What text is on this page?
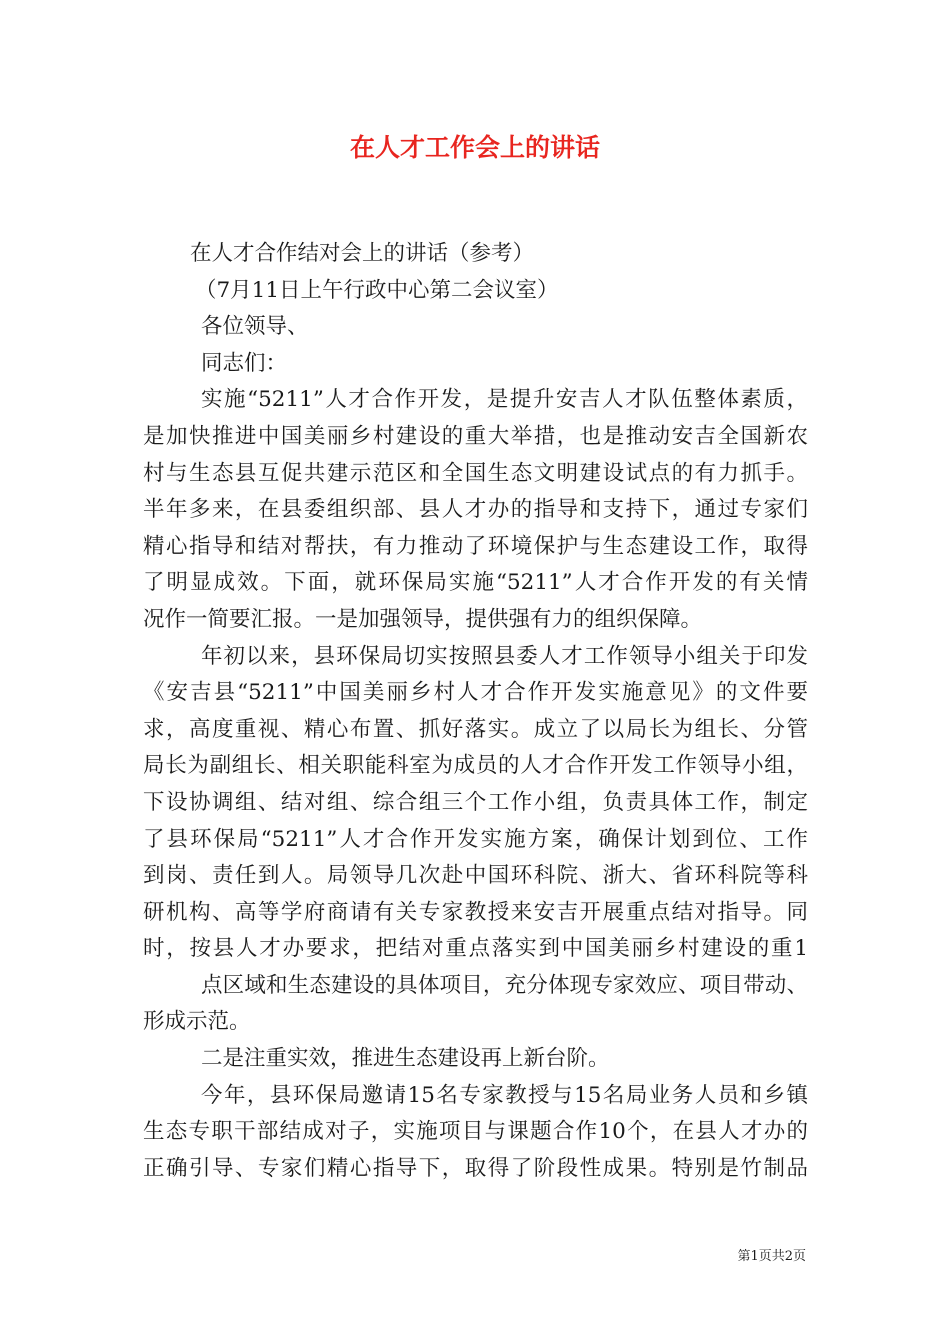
在人才工作会上的讲话
在人才合作结对会上的讲话（参考）
（7月11日上午行政中心第二会议室）
各位领导、
同志们：
实施“5211”人才合作开发，是提升安吉人才队伍整体素质，
是加快推进中国美丽乡村建设的重大举措，也是推动安吉全国新农
村与生态县互促共建示范区和全国生态文明建设试点的有力抓手。
半年多来，在县委组织部、县人才办的指导和支持下，通过专家们
精心指导和结对帮扶，有力推动了环境保护与生态建设工作，取得
了明显成效。下面，就环保局实施“5211”人才合作开发的有关情
况作一简要汇报。一是加强领导，提供强有力的组织保障。
年初以来，县环保局切实按照县委人才工作领导小组关于印发
《安吉县“5211”中国美丽乡村人才合作开发实施意见》的文件要
求，高度重视、精心布置、抓好落实。成立了以局长为组长、分管
局长为副组长、相关职能科室为成员的人才合作开发工作领导小组，
下设协调组、结对组、综合组三个工作小组，负责具体工作，制定
了县环保局“5211”人才合作开发实施方案，确保计划到位、工作
到岗、责任到人。局领导几次赴中国环科院、浙大、省环科院等科
研机构、高等学府商请有关专家教授来安吉开展重点结对指导。同
时，按县人才办要求，把结对重点落实到中国美丽乡村建设的重1
点区域和生态建设的具体项目，充分体现专家效应、项目带动、
形成示范。
二是注重实效，推进生态建设再上新台阶。
今年，县环保局邀请15名专家教授与15名局业务人员和乡镇
生态专职干部结成对子，实施项目与课题合作10个，在县人才办的
正确引导、专家们精心指导下，取得了阶段性成果。特别是竹制品
第1页共2页
